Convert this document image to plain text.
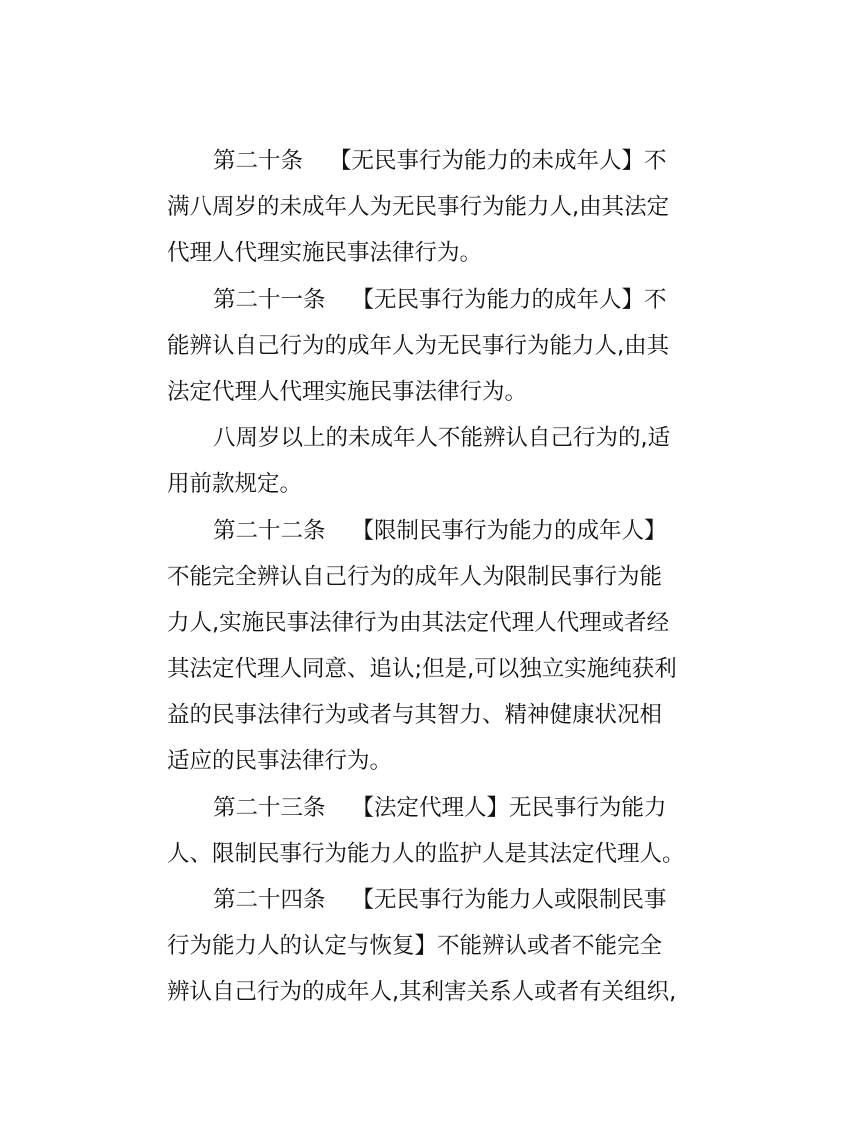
第二十条 【无民事行为能力的未成年人】不
满八周岁的未成年人为无民事行为能力人,由其法定
代理人代理实施民事法律行为。
第二十一条 【无民事行为能力的成年人】不
能辨认自己行为的成年人为无民事行为能力人,由其
法定代理人代理实施民事法律行为。
八周岁以上的未成年人不能辨认自己行为的,适
用前款规定。
第二十二条 【限制民事行为能力的成年人】
不能完全辨认自己行为的成年人为限制民事行为能
力人,实施民事法律行为由其法定代理人代理或者经
其法定代理人同意、追认;但是,可以独立实施纯获利
益的民事法律行为或者与其智力、精神健康状况相
适应的民事法律行为。
第二十三条 【法定代理人】无民事行为能力
人、限制民事行为能力人的监护人是其法定代理人。
第二十四条 【无民事行为能力人或限制民事
行为能力人的认定与恢复】不能辨认或者不能完全
辨认自己行为的成年人,其利害关系人或者有关组织,
